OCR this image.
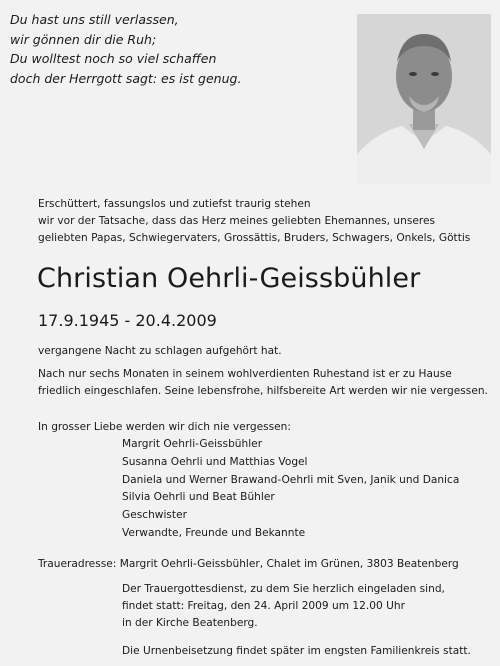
Du hast uns still verlassen,
wir gönnen dir die Ruh;
Du wolltest noch so viel schaffen
doch der Herrgott sagt: es ist genug.
Erschüttert, fassungslos und zutiefst traurig stehen
wir vor der Tatsache, dass das Herz meines geliebten Ehemannes, unseres
geliebten Papas, Schwiegervaters, Grossättis, Bruders, Schwagers, Onkels, Göttis
Christian Oehrli-Geissbühler
17.9.1945 - 20.4.2009
vergangene Nacht zu schlagen aufgehört hat.
Nach nur sechs Monaten in seinem wohlverdienten Ruhestand ist er zu Hause
friedlich eingeschlafen. Seine lebensfrohe, hilfsbereite Art werden wir nie vergessen.
In grosser Liebe werden wir dich nie vergessen:
Margrit Oehrli-Geissbühler
Susanna Oehrli und Matthias Vogel
Daniela und Werner Brawand-Oehrli mit Sven, Janik und Danica
Silvia Oehrli und Beat Bühler
Geschwister
Verwandte, Freunde und Bekannte
Traueradresse: Margrit Oehrli-Geissbühler, Chalet im Grünen, 3803 Beatenberg
Der Trauergottesdienst, zu dem Sie herzlich eingeladen sind,
findet statt: Freitag, den 24. April 2009 um 12.00 Uhr
in der Kirche Beatenberg.
Die Urnenbeisetzung findet später im engsten Familienkreis statt.
